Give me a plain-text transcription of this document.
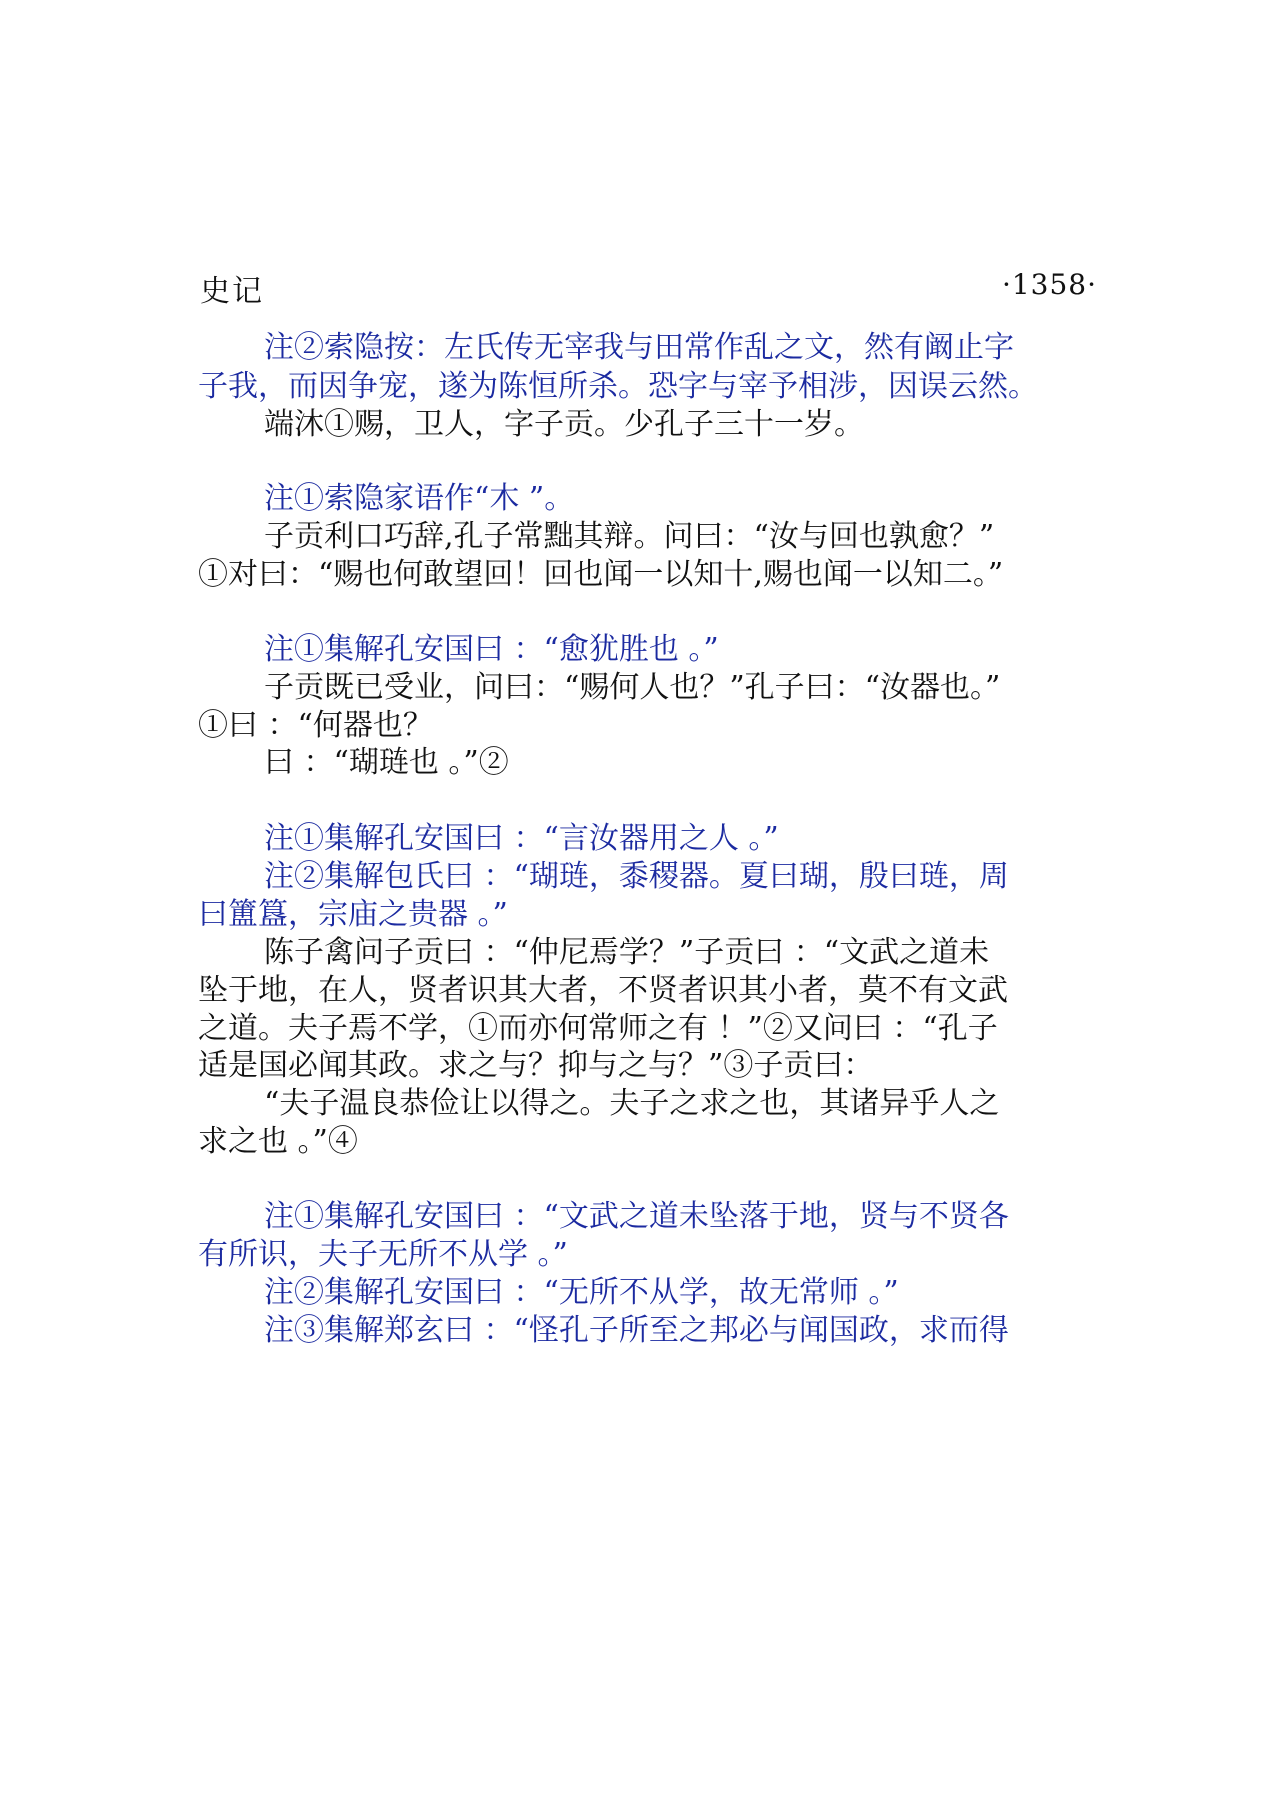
史记	·1358·
注②索隐按：左氏传无宰我与田常作乱之文，然有阚止字
子我，而因争宠，遂为陈恒所杀。恐字与宰予相涉，因误云然。
端沐①赐，卫人，字子贡。少孔子三十一岁。
注①索隐家语作“木 ”。
子贡利口巧辞,孔子常黜其辩。问曰：“汝与回也孰愈？”
①对曰：“赐也何敢望回！回也闻一以知十,赐也闻一以知二。”
注①集解孔安国曰 ：“愈犹胜也 。”
子贡既已受业，问曰：“赐何人也？”孔子曰：“汝器也。”
①曰 ：“何器也？
曰 ：“瑚琏也 。”②
注①集解孔安国曰 ：“言汝器用之人 。”
注②集解包氏曰 ：“瑚琏，黍稷器。夏曰瑚，殷曰琏，周
曰簠簋，宗庙之贵器 。”
陈子禽问子贡曰 ：“仲尼焉学？”子贡曰 ：“文武之道未
坠于地，在人，贤者识其大者，不贤者识其小者，莫不有文武
之道。夫子焉不学，①而亦何常师之有 ！”②又问曰 ：“孔子
适是国必闻其政。求之与？抑与之与？”③子贡曰：
“夫子温良恭俭让以得之。夫子之求之也，其诸异乎人之
求之也 。”④
注①集解孔安国曰 ：“文武之道未坠落于地，贤与不贤各
有所识，夫子无所不从学 。”
注②集解孔安国曰 ：“无所不从学，故无常师 。”
注③集解郑玄曰 ：“怪孔子所至之邦必与闻国政，求而得
